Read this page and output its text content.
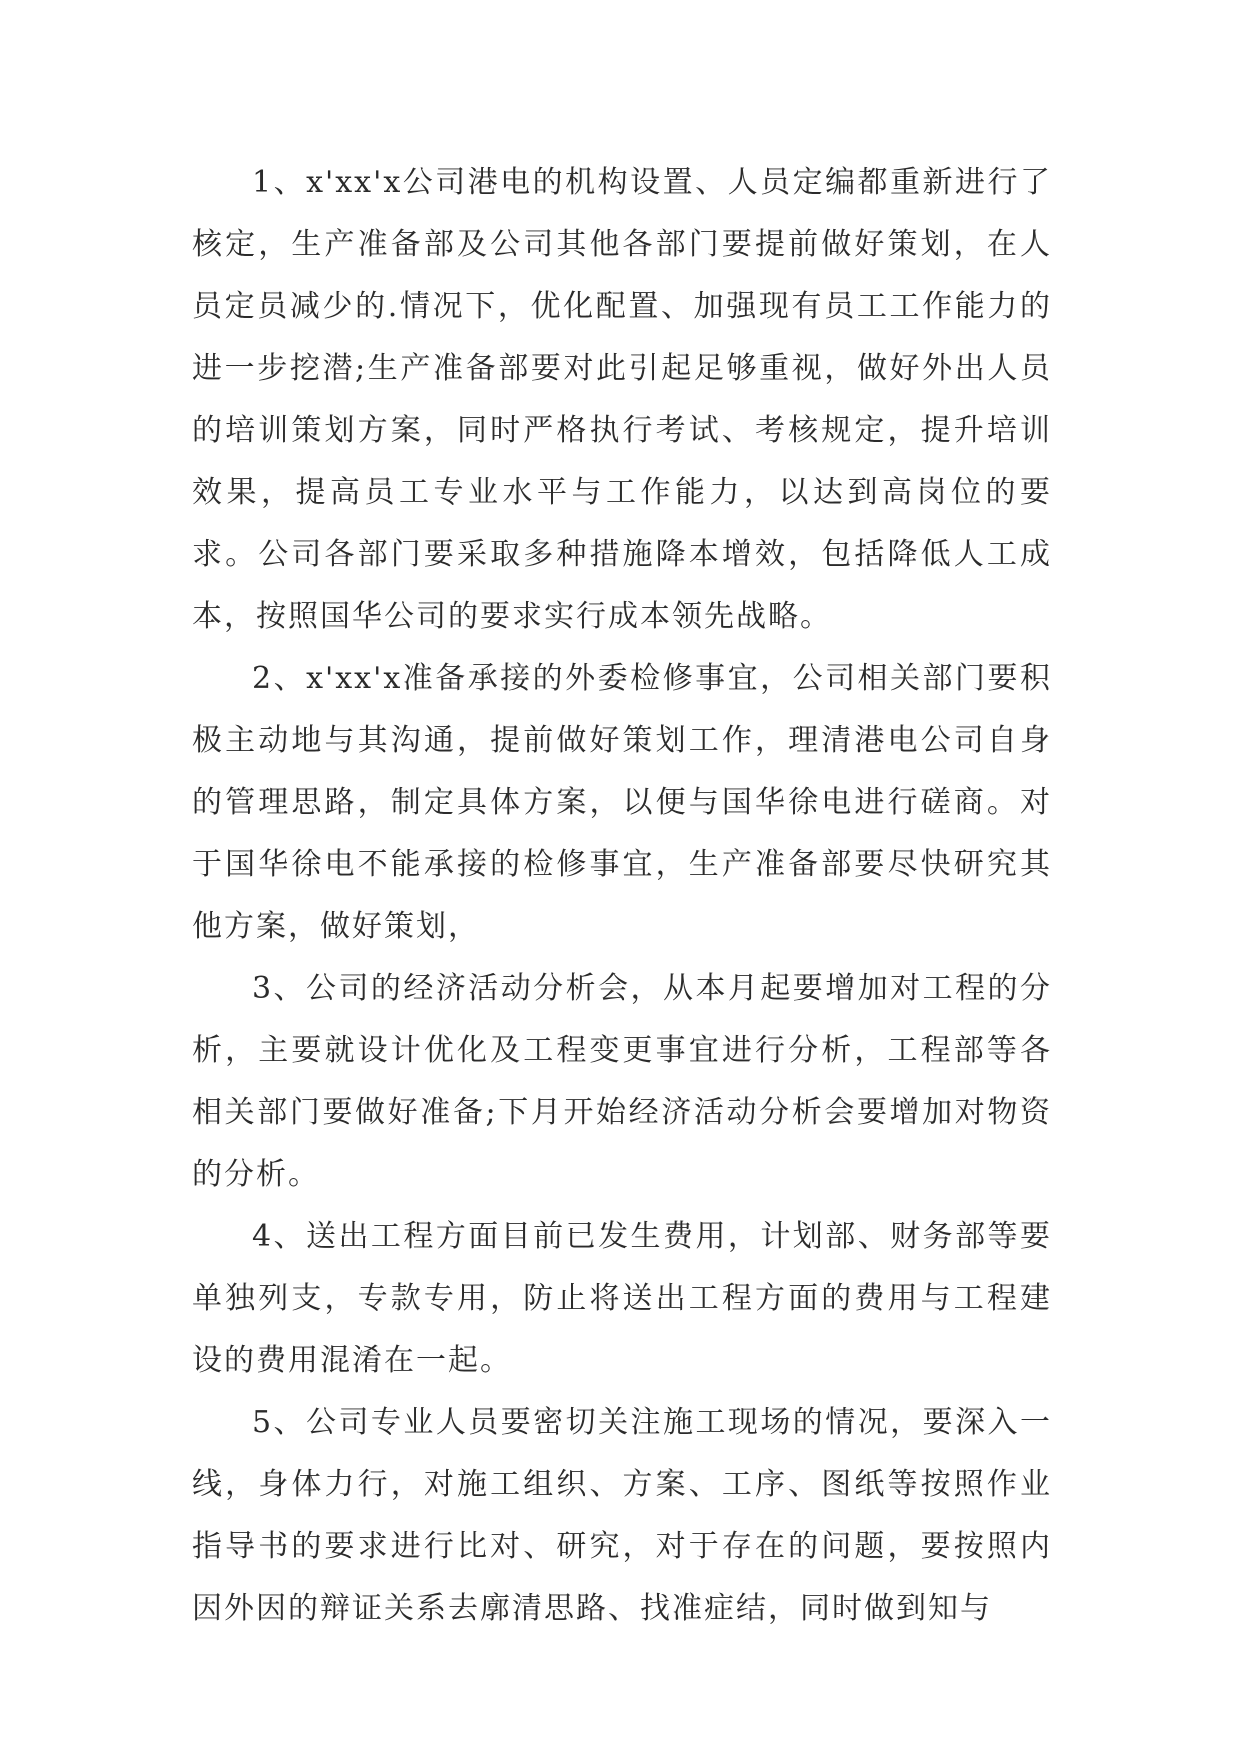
1、x'xx'x公司港电的机构设置、人员定编都重新进行了核定，生产准备部及公司其他各部门要提前做好策划，在人员定员减少的.情况下，优化配置、加强现有员工工作能力的进一步挖潜;生产准备部要对此引起足够重视，做好外出人员的培训策划方案，同时严格执行考试、考核规定，提升培训效果，提高员工专业水平与工作能力，以达到高岗位的要求。公司各部门要采取多种措施降本增效，包括降低人工成本，按照国华公司的要求实行成本领先战略。

2、x'xx'x准备承接的外委检修事宜，公司相关部门要积极主动地与其沟通，提前做好策划工作，理清港电公司自身的管理思路，制定具体方案，以便与国华徐电进行磋商。对于国华徐电不能承接的检修事宜，生产准备部要尽快研究其他方案，做好策划，

3、公司的经济活动分析会，从本月起要增加对工程的分析，主要就设计优化及工程变更事宜进行分析，工程部等各相关部门要做好准备;下月开始经济活动分析会要增加对物资的分析。

4、送出工程方面目前已发生费用，计划部、财务部等要单独列支，专款专用，防止将送出工程方面的费用与工程建设的费用混淆在一起。

5、公司专业人员要密切关注施工现场的情况，要深入一线，身体力行，对施工组织、方案、工序、图纸等按照作业指导书的要求进行比对、研究，对于存在的问题，要按照内因外因的辩证关系去廓清思路、找准症结，同时做到知与
